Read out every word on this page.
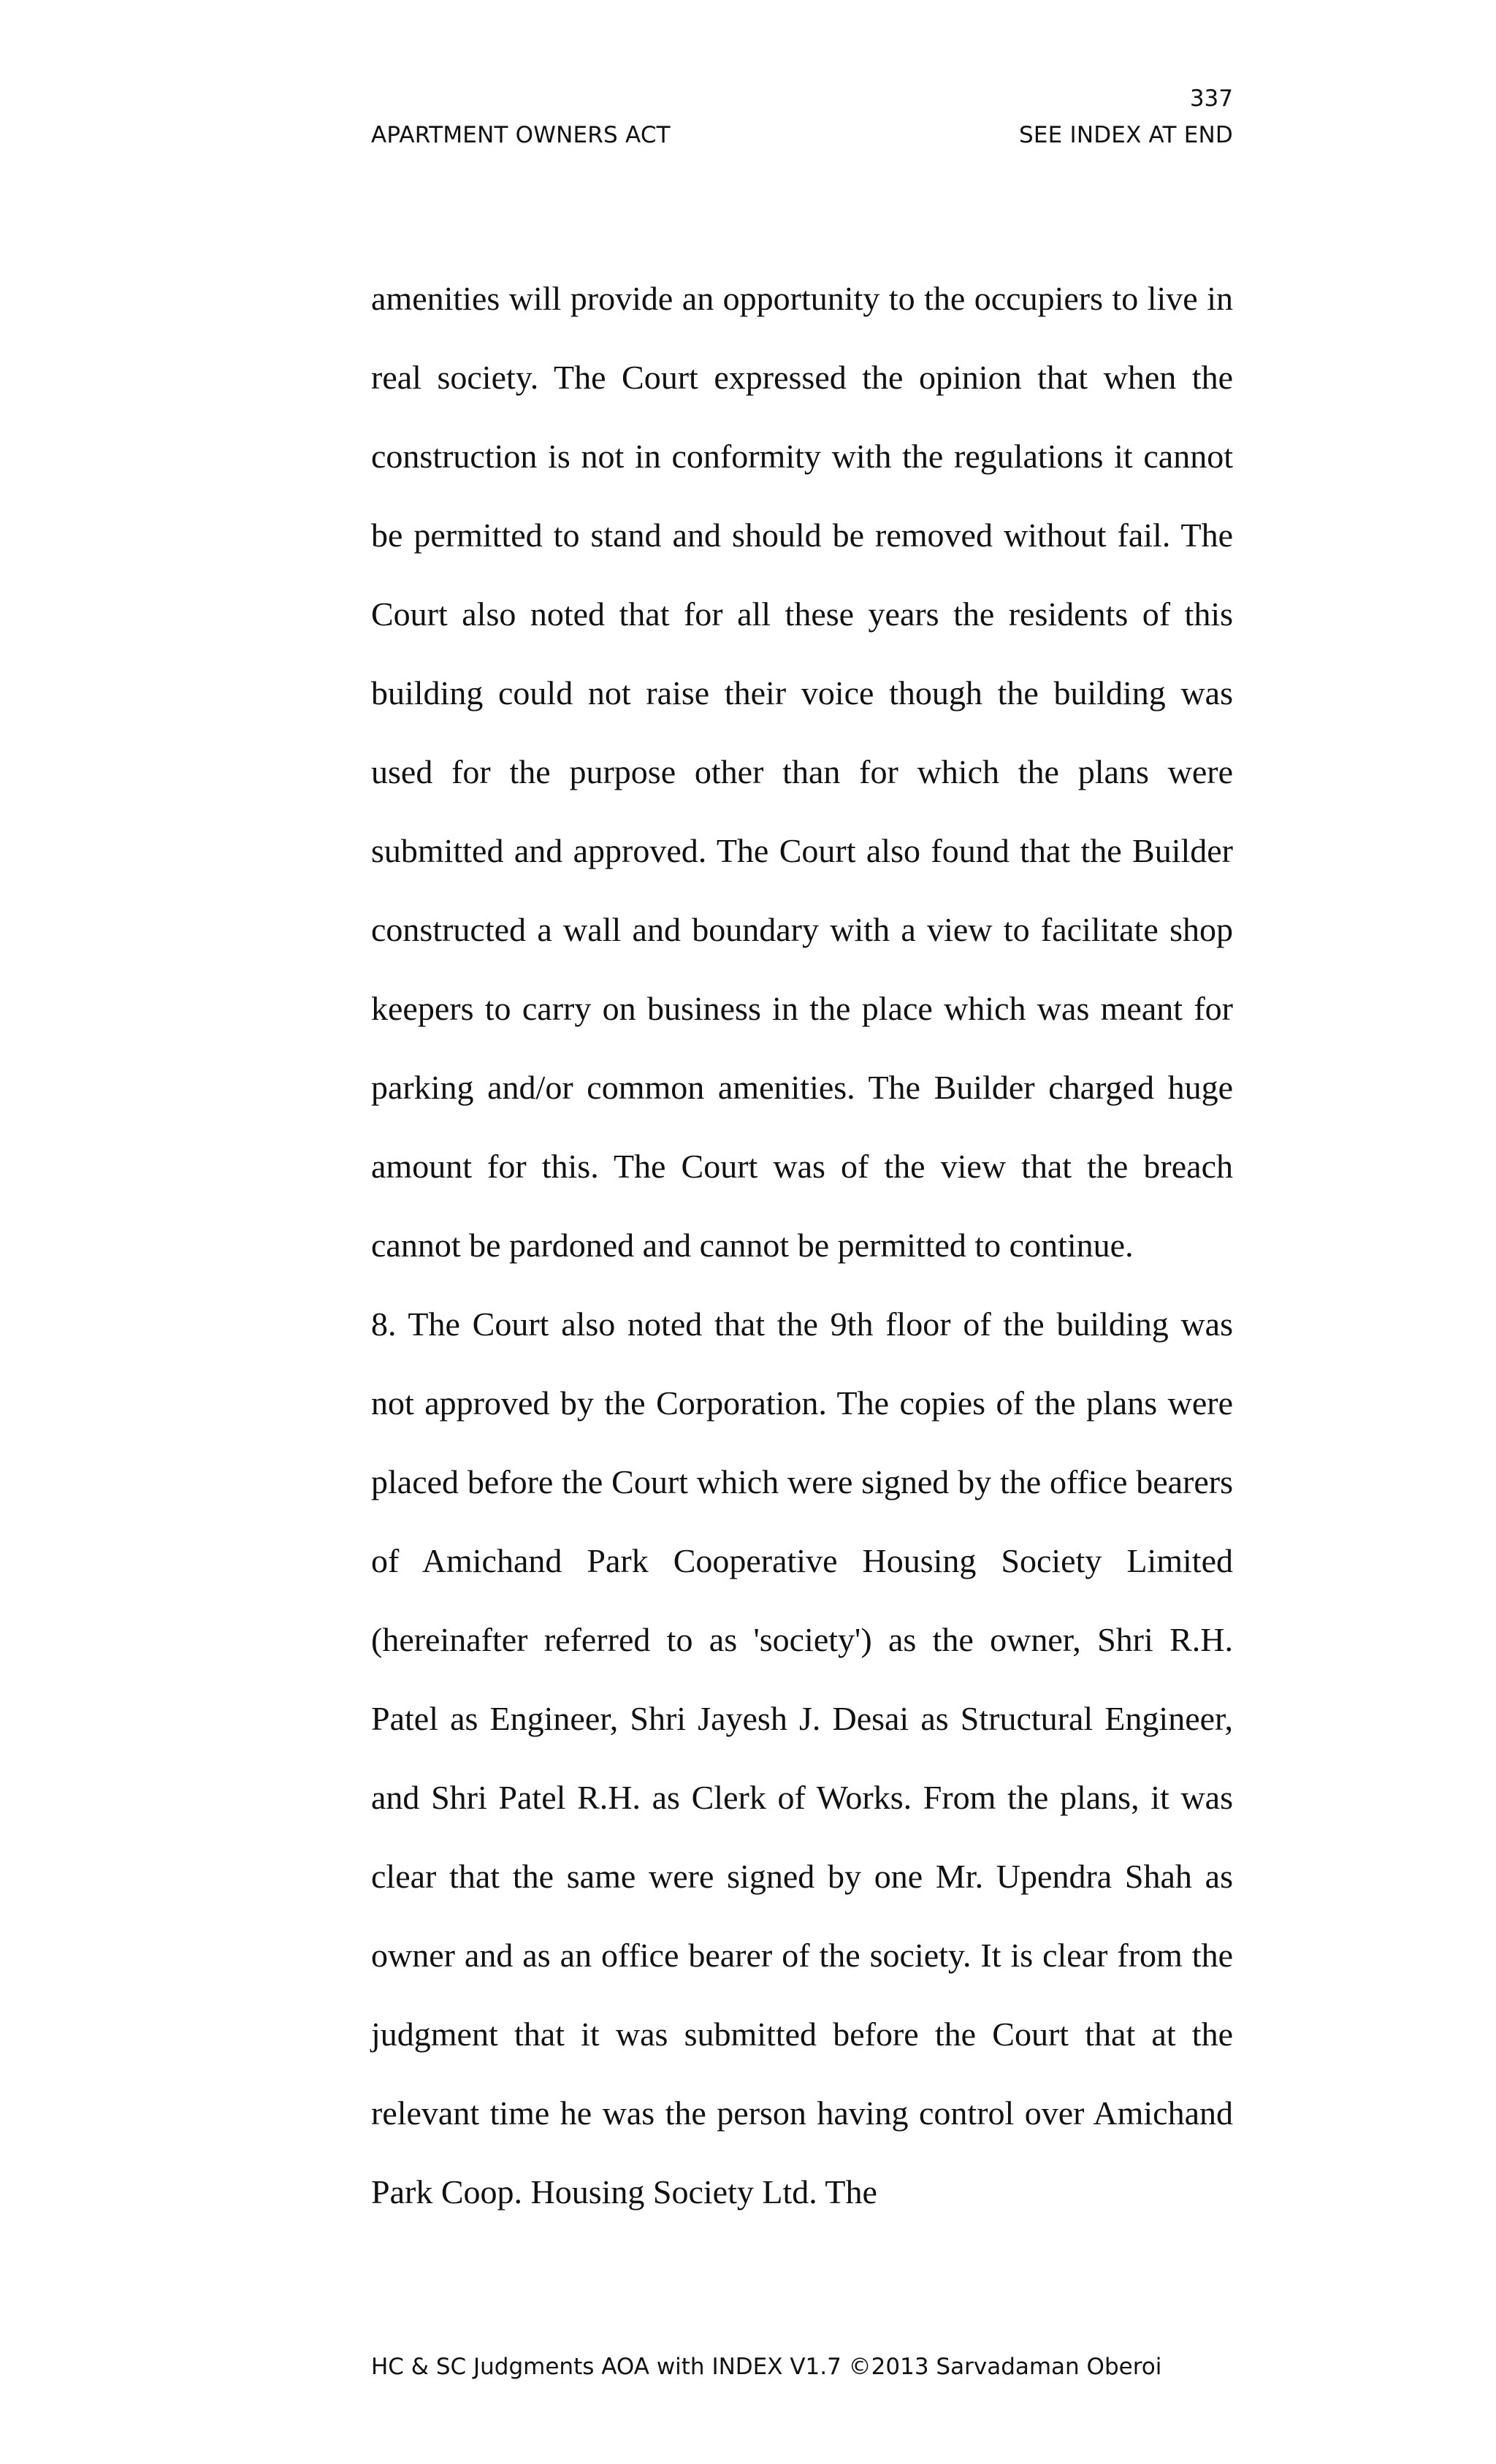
337
APARTMENT OWNERS ACT	SEE INDEX AT END

amenities will provide an opportunity to the occupiers to live in real society. The Court expressed the opinion that when the construction is not in conformity with the regulations it cannot be permitted to stand and should be removed without fail. The Court also noted that for all these years the residents of this building could not raise their voice though the building was used for the purpose other than for which the plans were submitted and approved. The Court also found that the Builder constructed a wall and boundary with a view to facilitate shop keepers to carry on business in the place which was meant for parking and/or common amenities. The Builder charged huge amount for this. The Court was of the view that the breach cannot be pardoned and cannot be permitted to continue.

8. The Court also noted that the 9th floor of the building was not approved by the Corporation. The copies of the plans were placed before the Court which were signed by the office bearers of Amichand Park Cooperative Housing Society Limited (hereinafter referred to as 'society') as the owner, Shri R.H. Patel as Engineer, Shri Jayesh J. Desai as Structural Engineer, and Shri Patel R.H. as Clerk of Works. From the plans, it was clear that the same were signed by one Mr. Upendra Shah as owner and as an office bearer of the society. It is clear from the judgment that it was submitted before the Court that at the relevant time he was the person having control over Amichand Park Coop. Housing Society Ltd. The

HC & SC Judgments AOA with INDEX V1.7 ©2013 Sarvadaman Oberoi
